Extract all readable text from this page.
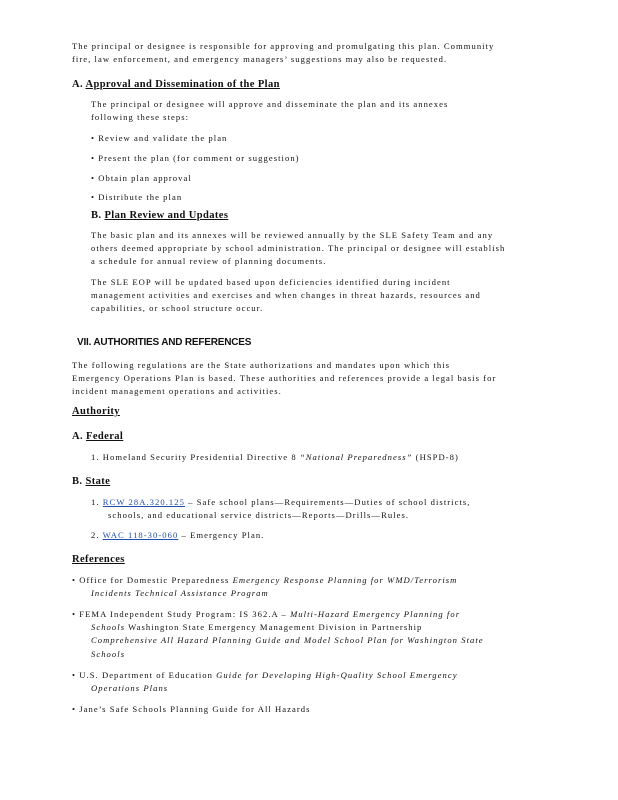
The principal or designee is responsible for approving and promulgating this plan. Community
fire, law enforcement, and emergency managers’ suggestions may also be requested.
A. Approval and Dissemination of the Plan
The principal or designee will approve and disseminate the plan and its annexes
following these steps:
• Review and validate the plan
• Present the plan (for comment or suggestion)
• Obtain plan approval
• Distribute the plan
B. Plan Review and Updates
The basic plan and its annexes will be reviewed annually by the SLE Safety Team and any
others deemed appropriate by school administration. The principal or designee will establish
a schedule for annual review of planning documents.
The SLE EOP will be updated based upon deficiencies identified during incident
management activities and exercises and when changes in threat hazards, resources and
capabilities, or school structure occur.
VII. AUTHORITIES AND REFERENCES
The following regulations are the State authorizations and mandates upon which this
Emergency Operations Plan is based. These authorities and references provide a legal basis for
incident management operations and activities.
Authority
A. Federal
1. Homeland Security Presidential Directive 8 “National Preparedness” (HSPD-8)
B. State
1. RCW 28A.320.125 – Safe school plans—Requirements—Duties of school districts,
schools, and educational service districts—Reports—Drills—Rules.
2. WAC 118-30-060 – Emergency Plan.
References
• Office for Domestic Preparedness Emergency Response Planning for WMD/Terrorism
Incidents Technical Assistance Program
• FEMA Independent Study Program: IS 362.A – Multi-Hazard Emergency Planning for
Schools Washington State Emergency Management Division in Partnership
Comprehensive All Hazard Planning Guide and Model School Plan for Washington State
Schools
• U.S. Department of Education Guide for Developing High-Quality School Emergency
Operations Plans
• Jane’s Safe Schools Planning Guide for All Hazards
